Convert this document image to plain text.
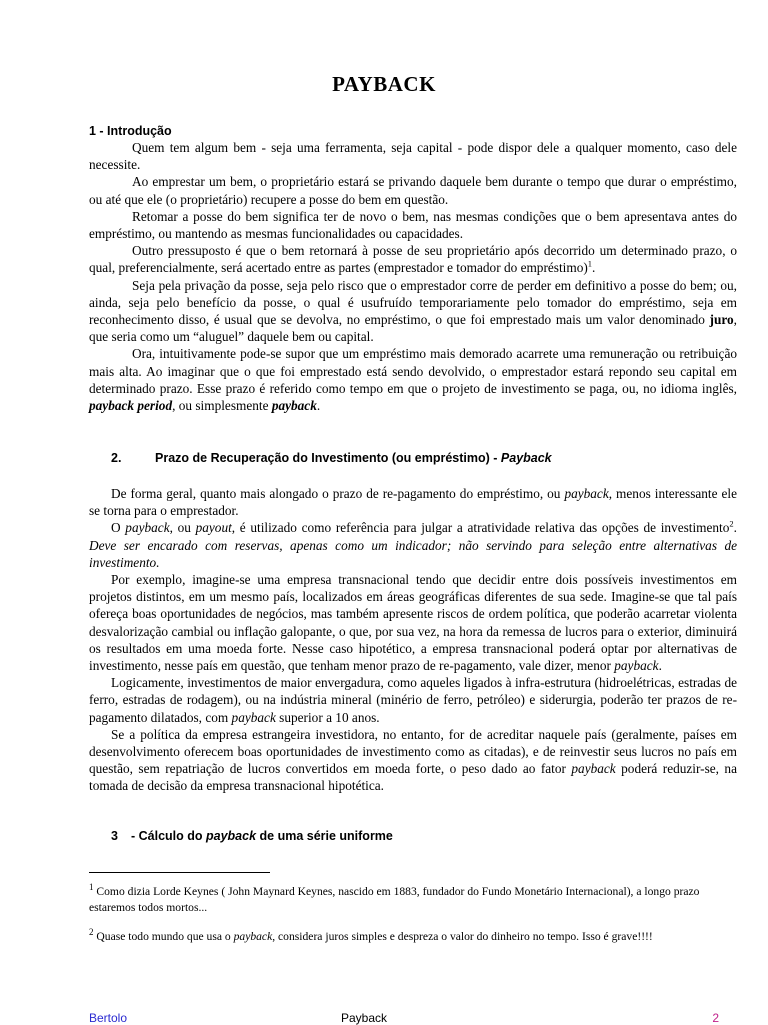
PAYBACK
1 - Introdução

Quem tem algum bem - seja uma ferramenta, seja capital - pode dispor dele a qualquer momento, caso dele necessite.

Ao emprestar um bem, o proprietário estará se privando daquele bem durante o tempo que durar o empréstimo, ou até que ele (o proprietário) recupere a posse do bem em questão.

Retomar a posse do bem significa ter de novo o bem, nas mesmas condições que o bem apresentava antes do empréstimo, ou mantendo as mesmas funcionalidades ou capacidades.

Outro pressuposto é que o bem retornará à posse de seu proprietário após decorrido um determinado prazo, o qual, preferencialmente, será acertado entre as partes (emprestador e tomador do empréstimo)$^1$.

Seja pela privação da posse, seja pelo risco que o emprestador corre de perder em definitivo a posse do bem; ou, ainda, seja pelo benefício da posse, o qual é usufruído temporariamente pelo tomador do empréstimo, seja em reconhecimento disso, é usual que se devolva, no empréstimo, o que foi emprestado mais um valor denominado juro, que seria como um “aluguel” daquele bem ou capital.

Ora, intuitivamente pode-se supor que um empréstimo mais demorado acarrete uma remuneração ou retribuição mais alta. Ao imaginar que o que foi emprestado está sendo devolvido, o emprestador estará repondo seu capital em determinado prazo. Esse prazo é referido como tempo em que o projeto de investimento se paga, ou, no idioma inglês, payback period, ou simplesmente payback.

2.	Prazo de Recuperação do Investimento (ou empréstimo) - Payback

De forma geral, quanto mais alongado o prazo de re-pagamento do empréstimo, ou payback, menos interessante ele se torna para o emprestador.

O payback, ou payout, é utilizado como referência para julgar a atratividade relativa das opções de investimento$^2$. Deve ser encarado com reservas, apenas como um indicador; não servindo para seleção entre alternativas de investimento.

Por exemplo, imagine-se uma empresa transnacional tendo que decidir entre dois possíveis investimentos em projetos distintos, em um mesmo país, localizados em áreas geográficas diferentes de sua sede. Imagine-se que tal país ofereça boas oportunidades de negócios, mas também apresente riscos de ordem política, que poderão acarretar violenta desvalorização cambial ou inflação galopante, o que, por sua vez, na hora da remessa de lucros para o exterior, diminuirá os resultados em uma moeda forte. Nesse caso hipotético, a empresa transnacional poderá optar por alternativas de investimento, nesse país em questão, que tenham menor prazo de re-pagamento, vale dizer, menor payback.

Logicamente, investimentos de maior envergadura, como aqueles ligados à infra-estrutura (hidroelétricas, estradas de ferro, estradas de rodagem), ou na indústria mineral (minério de ferro, petróleo) e siderurgia, poderão ter prazos de re-pagamento dilatados, com payback superior a 10 anos.

Se a política da empresa estrangeira investidora, no entanto, for de acreditar naquele país (geralmente, países em desenvolvimento oferecem boas oportunidades de investimento como as citadas), e de reinvestir seus lucros no país em questão, sem repatriação de lucros convertidos em moeda forte, o peso dado ao fator payback poderá reduzir-se, na tomada de decisão da empresa transnacional hipotética.

3 - Cálculo do payback de uma série uniforme
$^1$ Como dizia Lorde Keynes ( John Maynard Keynes, nascido em 1883, fundador do Fundo Monetário Internacional), a longo prazo estaremos todos mortos...
$^2$ Quase todo mundo que usa o payback, considera juros simples e despreza o valor do dinheiro no tempo. Isso é grave!!!!
Bertolo	Payback	2
